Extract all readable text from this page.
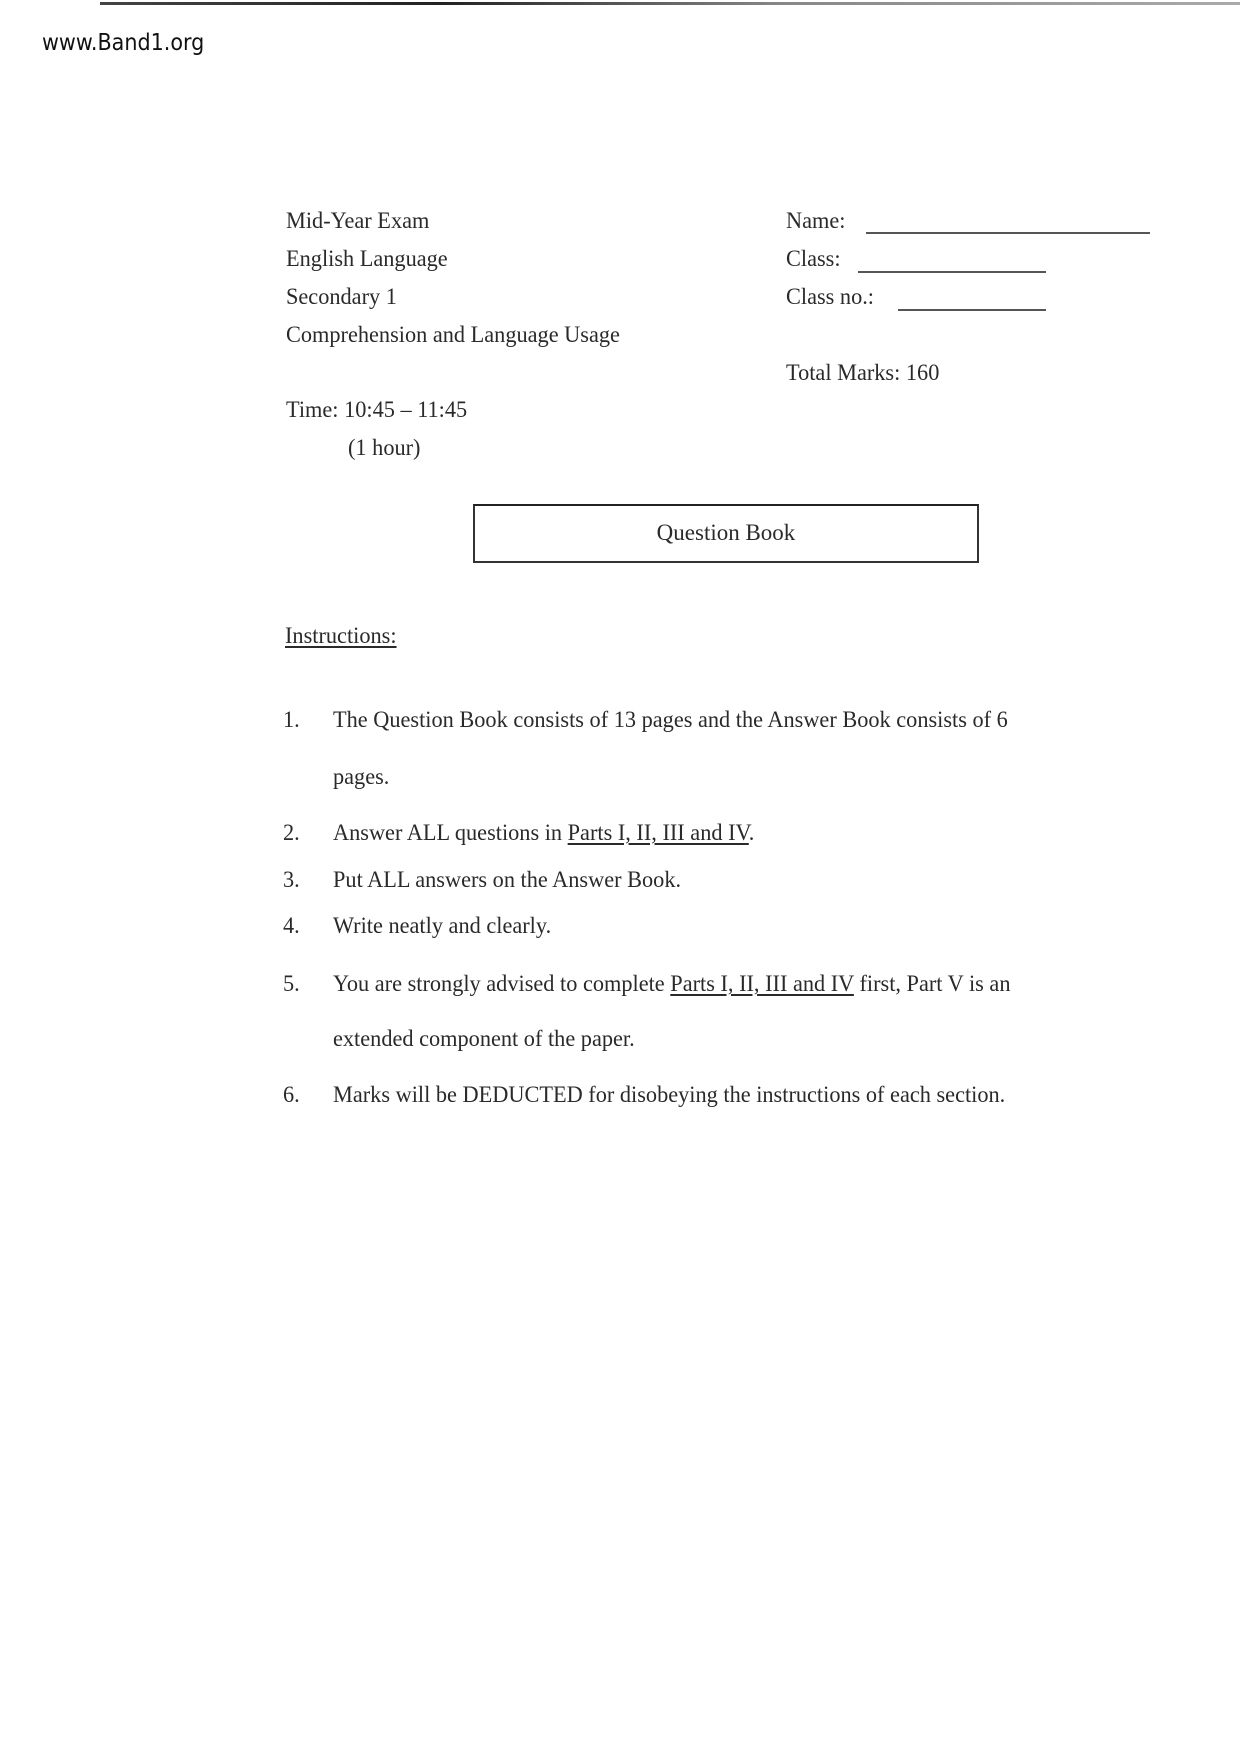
www.Band1.org
Mid-Year Exam
English Language
Secondary 1
Comprehension and Language Usage
Time: 10:45 – 11:45
(1 hour)
Name:
Class:
Class no.:
Total Marks: 160
Question Book
Instructions:
1. The Question Book consists of 13 pages and the Answer Book consists of 6
pages.
2. Answer ALL questions in Parts I, II, III and IV.
3. Put ALL answers on the Answer Book.
4. Write neatly and clearly.
5. You are strongly advised to complete Parts I, II, III and IV first, Part V is an
extended component of the paper.
6. Marks will be DEDUCTED for disobeying the instructions of each section.
